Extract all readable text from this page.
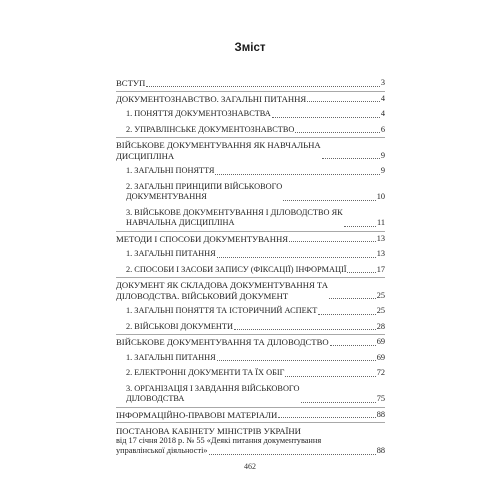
Зміст
ВСТУП	3
ДОКУМЕНТОЗНАВСТВО. ЗАГАЛЬНІ ПИТАННЯ	4
1. ПОНЯТТЯ ДОКУМЕНТОЗНАВСТВА	4
2. УПРАВЛІНСЬКЕ ДОКУМЕНТОЗНАВСТВО	6
ВІЙСЬКОВЕ ДОКУМЕНТУВАННЯ ЯК НАВЧАЛЬНА
ДИСЦИПЛІНА	9
1. ЗАГАЛЬНІ ПОНЯТТЯ	9
2. ЗАГАЛЬНІ ПРИНЦИПИ ВІЙСЬКОВОГО
ДОКУМЕНТУВАННЯ	10
3. ВІЙСЬКОВЕ ДОКУМЕНТУВАННЯ І ДІЛОВОДСТВО ЯК
НАВЧАЛЬНА ДИСЦИПЛІНА	11
МЕТОДИ І СПОСОБИ ДОКУМЕНТУВАННЯ	13
1. ЗАГАЛЬНІ ПИТАННЯ	13
2. СПОСОБИ І ЗАСОБИ ЗАПИСУ (ФІКСАЦІЇ) ІНФОРМАЦІЇ	17
ДОКУМЕНТ ЯК СКЛАДОВА ДОКУМЕНТУВАННЯ ТА
ДІЛОВОДСТВА. ВІЙСЬКОВИЙ ДОКУМЕНТ	25
1. ЗАГАЛЬНІ ПОНЯТТЯ ТА ІСТОРИЧНИЙ АСПЕКТ	25
2. ВІЙСЬКОВІ ДОКУМЕНТИ	28
ВІЙСЬКОВЕ ДОКУМЕНТУВАННЯ ТА ДІЛОВОДСТВО	69
1. ЗАГАЛЬНІ ПИТАННЯ	69
2. ЕЛЕКТРОННІ ДОКУМЕНТИ ТА ЇХ ОБІГ	72
3. ОРГАНІЗАЦІЯ І ЗАВДАННЯ ВІЙСЬКОВОГО
ДІЛОВОДСТВА	75
ІНФОРМАЦІЙНО-ПРАВОВІ МАТЕРІАЛИ	88
ПОСТАНОВА КАБІНЕТУ МІНІСТРІВ УКРАЇНИ
від 17 січня 2018 р. № 55 «Деякі питання документування
управлінської діяльності»	88
462
